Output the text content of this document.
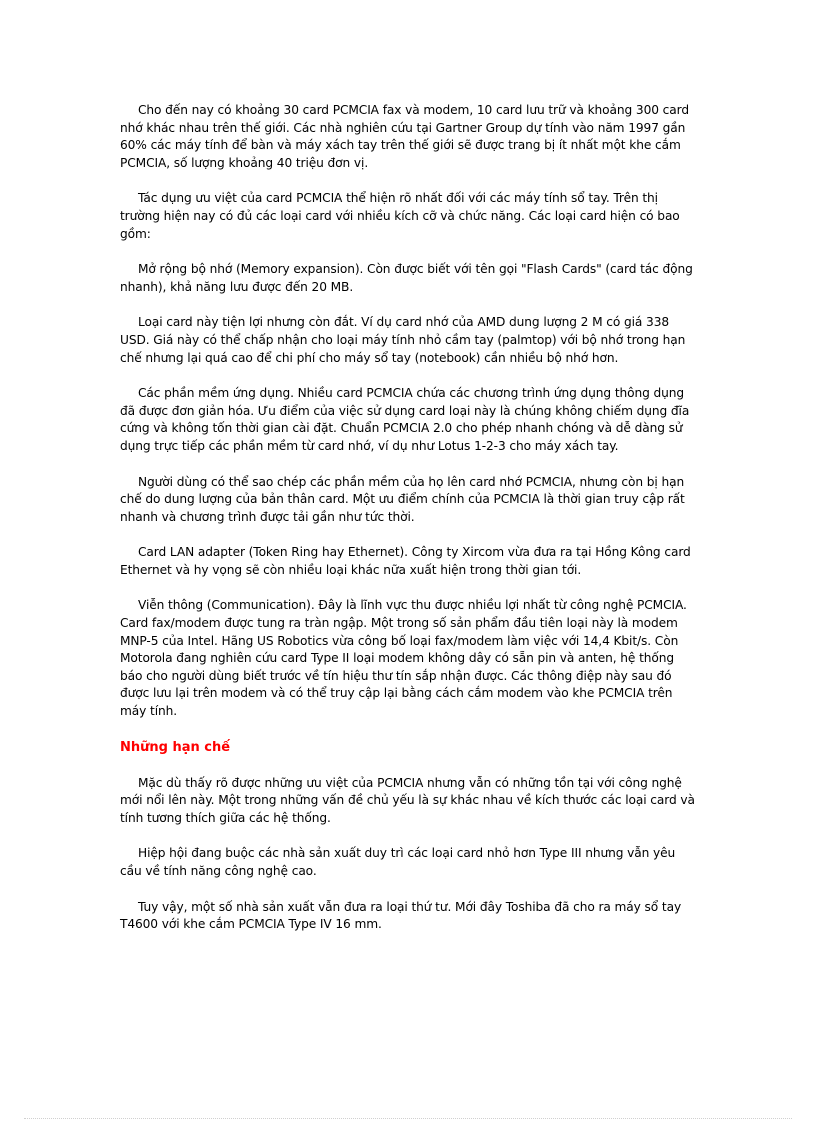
Cho đến nay có khoảng 30 card PCMCIA fax và modem, 10 card lưu trữ và khoảng 300 card nhớ khác nhau trên thế giới. Các nhà nghiên cứu tại Gartner Group dự tính vào năm 1997 gần 60% các máy tính để bàn và máy xách tay trên thế giới sẽ được trang bị ít nhất một khe cắm PCMCIA, số lượng khoảng 40 triệu đơn vị.

Tác dụng ưu việt của card PCMCIA thể hiện rõ nhất đối với các máy tính sổ tay. Trên thị trường hiện nay có đủ các loại card với nhiều kích cỡ và chức năng. Các loại card hiện có bao gồm:

Mở rộng bộ nhớ (Memory expansion). Còn được biết với tên gọi "Flash Cards" (card tác động nhanh), khả năng lưu được đến 20 MB.

Loại card này tiện lợi nhưng còn đắt. Ví dụ card nhớ của AMD dung lượng 2 M có giá 338 USD. Giá này có thể chấp nhận cho loại máy tính nhỏ cầm tay (palmtop) với bộ nhớ trong hạn chế nhưng lại quá cao để chi phí cho máy sổ tay (notebook) cần nhiều bộ nhớ hơn.

Các phần mềm ứng dụng. Nhiều card PCMCIA chứa các chương trình ứng dụng thông dụng đã được đơn giản hóa. Ưu điểm của việc sử dụng card loại này là chúng không chiếm dụng đĩa cứng và không tốn thời gian cài đặt. Chuẩn PCMCIA 2.0 cho phép nhanh chóng và dễ dàng sử dụng trực tiếp các phần mềm từ card nhớ, ví dụ như Lotus 1-2-3 cho máy xách tay.

Người dùng có thể sao chép các phần mềm của họ lên card nhớ PCMCIA, nhưng còn bị hạn chế do dung lượng của bản thân card. Một ưu điểm chính của PCMCIA là thời gian truy cập rất nhanh và chương trình được tải gần như tức thời.

Card LAN adapter (Token Ring hay Ethernet). Công ty Xircom vừa đưa ra tại Hồng Kông card Ethernet và hy vọng sẽ còn nhiều loại khác nữa xuất hiện trong thời gian tới.

Viễn thông (Communication). Đây là lĩnh vực thu được nhiều lợi nhất từ công nghệ PCMCIA. Card fax/modem được tung ra tràn ngập. Một trong số sản phẩm đầu tiên loại này là modem MNP-5 của Intel. Hãng US Robotics vừa công bố loại fax/modem làm việc với 14,4 Kbit/s. Còn Motorola đang nghiên cứu card Type II loại modem không dây có sẵn pin và anten, hệ thống báo cho người dùng biết trước về tín hiệu thư tín sắp nhận được. Các thông điệp này sau đó được lưu lại trên modem và có thể truy cập lại bằng cách cắm modem vào khe PCMCIA trên máy tính.

Những hạn chế

Mặc dù thấy rõ được những ưu việt của PCMCIA nhưng vẫn có những tồn tại với công nghệ mới nổi lên này. Một trong những vấn đề chủ yếu là sự khác nhau về kích thước các loại card và tính tương thích giữa các hệ thống.

Hiệp hội đang buộc các nhà sản xuất duy trì các loại card nhỏ hơn Type III nhưng vẫn yêu cầu về tính năng công nghệ cao.

Tuy vậy, một số nhà sản xuất vẫn đưa ra loại thứ tư. Mới đây Toshiba đã cho ra máy sổ tay T4600 với khe cắm PCMCIA Type IV 16 mm.
